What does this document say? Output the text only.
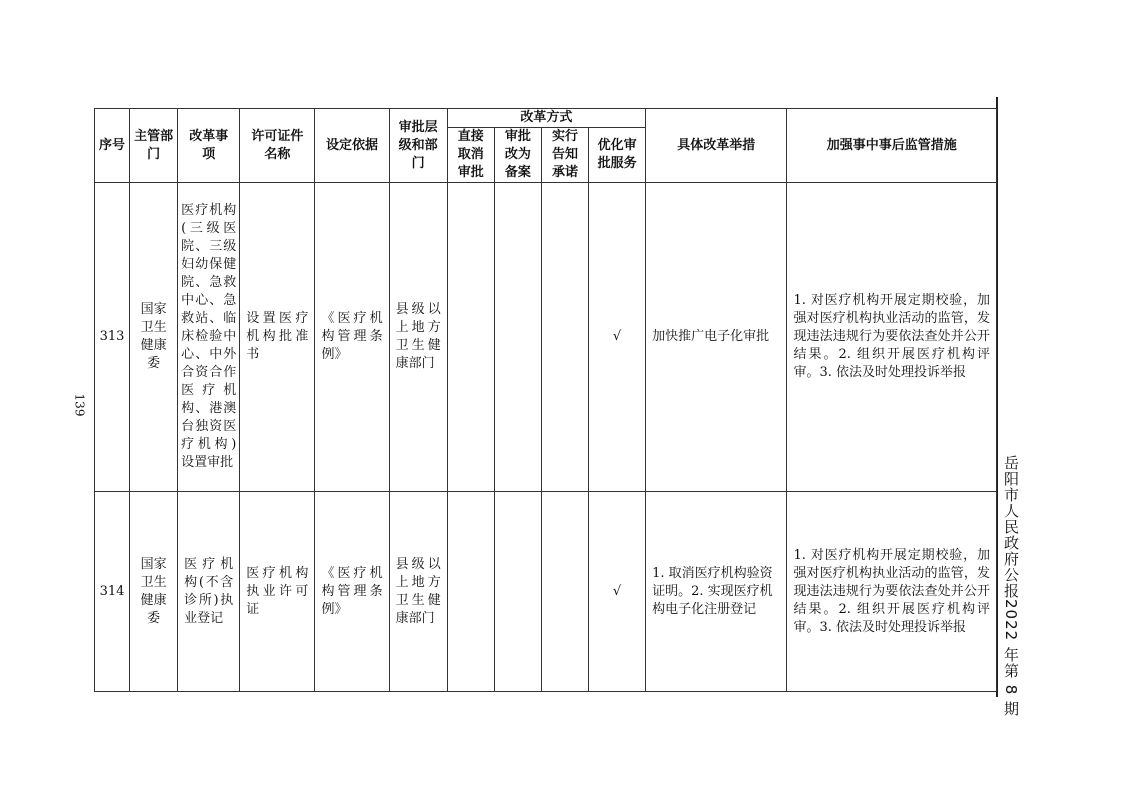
139
岳阳市人民政府公报2022 年第 8 期
序号	主管部门	改革事项	许可证件名称	设定依据	审批层级和部门	改革方式				具体改革举措	加强事中事后监管措施
						直接取消审批	审批改为备案	实行告知承诺	优化审批服务		
313	国家卫生健康委	医疗机构(三级医院、三级妇幼保健院、急救中心、急救站、临床检验中心、中外合资合作医疗机构、港澳台独资医疗机构)设置审批	设置医疗机构批准书	《医疗机构管理条例》	县级以上地方卫生健康部门				√	加快推广电子化审批	1. 对医疗机构开展定期校验，加强对医疗机构执业活动的监管，发现违法违规行为要依法查处并公开结果。2. 组织开展医疗机构评审。3. 依法及时处理投诉举报
314	国家卫生健康委	医疗机构(不含诊所)执业登记	医疗机构执业许可证	《医疗机构管理条例》	县级以上地方卫生健康部门				√	1. 取消医疗机构验资证明。2. 实现医疗机构电子化注册登记	1. 对医疗机构开展定期校验，加强对医疗机构执业活动的监管，发现违法违规行为要依法查处并公开结果。2. 组织开展医疗机构评审。3. 依法及时处理投诉举报
